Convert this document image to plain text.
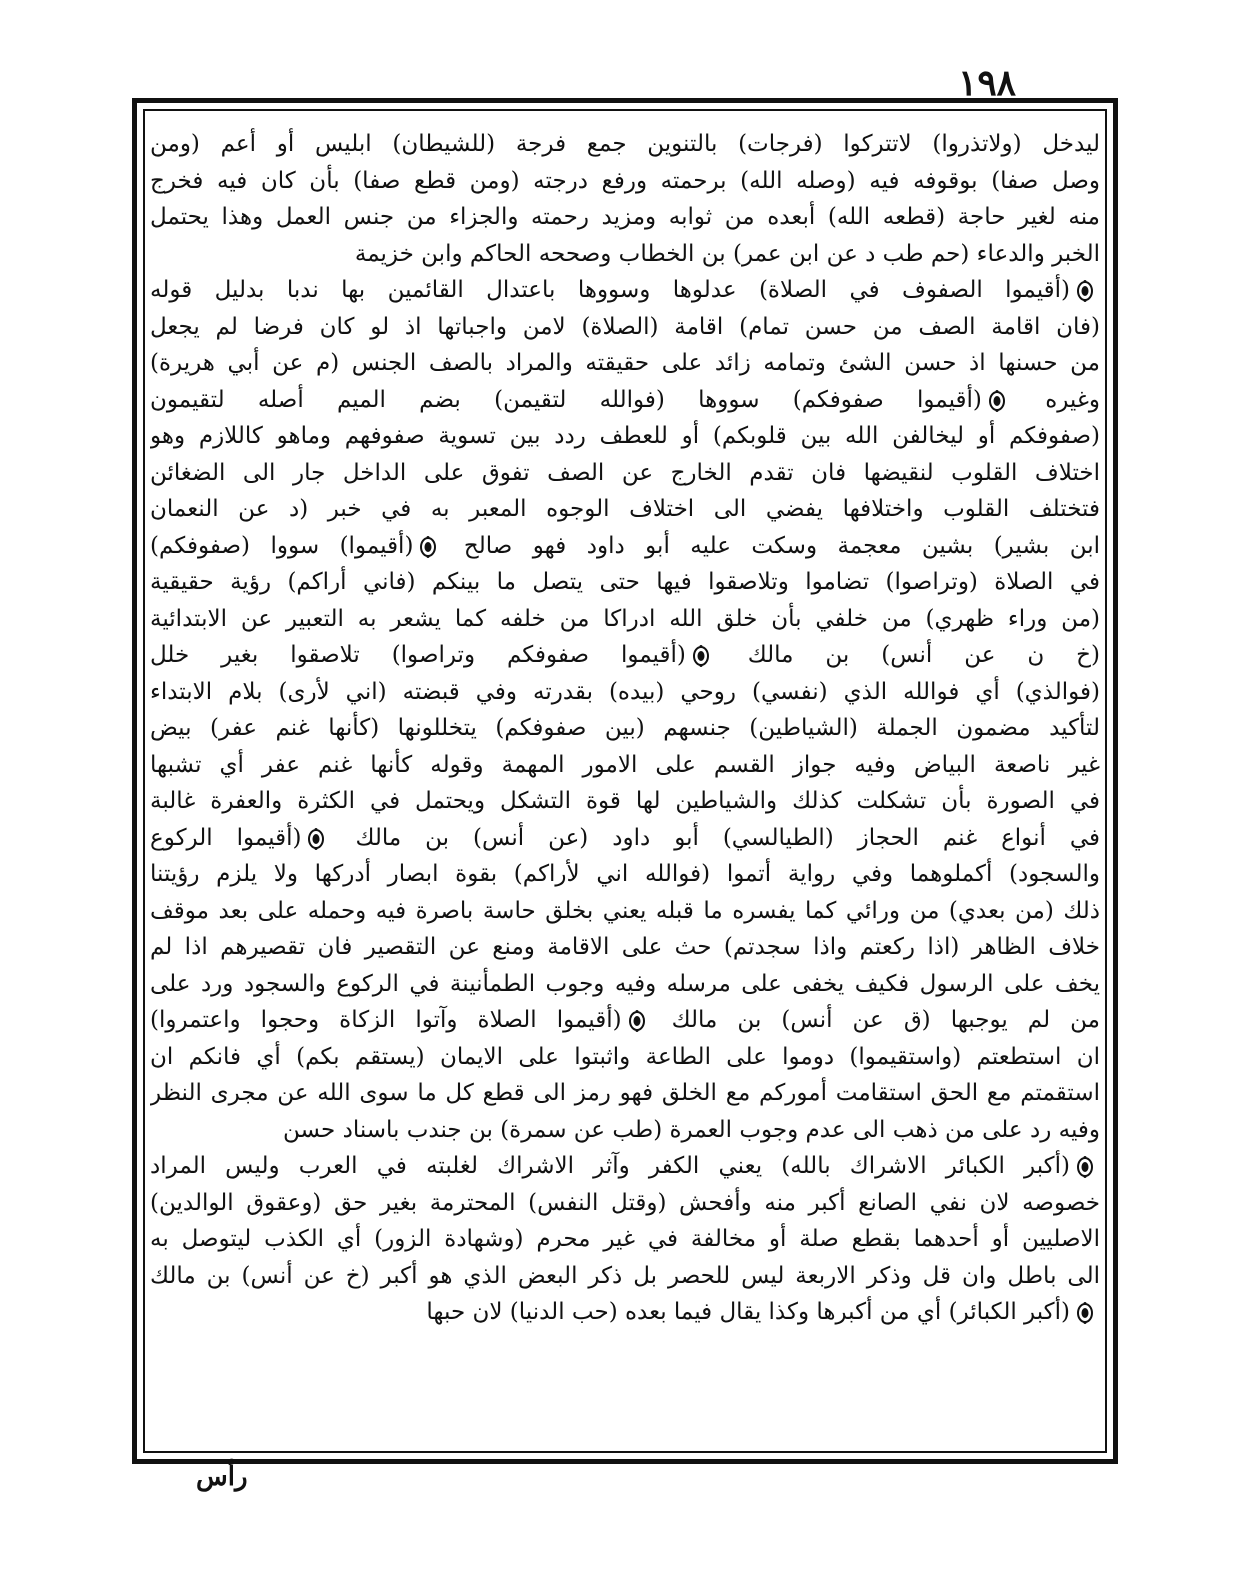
١٩٨
ليدخل (ولاتذروا) لاتتركوا (فرجات) بالتنوين جمع فرجة (للشيطان) ابليس أو أعم (ومن
وصل صفا) بوقوفه فيه (وصله الله) برحمته ورفع درجته (ومن قطع صفا) بأن كان فيه فخرج
منه لغير حاجة (قطعه الله) أبعده من ثوابه ومزيد رحمته والجزاء من جنس العمل وهذا يحتمل
الخبر والدعاء (حم طب د عن ابن عمر) بن الخطاب وصححه الحاكم وابن خزيمة
(أقيموا الصفوف في الصلاة) عدلوها وسووها باعتدال القائمين بها ندبا بدليل قوله
(فان اقامة الصف من حسن تمام) اقامة (الصلاة) لامن واجباتها اذ لو كان فرضا لم يجعل
من حسنها اذ حسن الشئ وتمامه زائد على حقيقته والمراد بالصف الجنس (م عن أبي هريرة)
وغيره
(أقيموا صفوفكم) سووها (فوالله لتقيمن) بضم الميم أصله لتقيمون
(صفوفكم أو ليخالفن الله بين قلوبكم) أو للعطف ردد بين تسوية صفوفهم وماهو كاللازم وهو
اختلاف القلوب لنقيضها فان تقدم الخارج عن الصف تفوق على الداخل جار الى الضغائن
فتختلف القلوب واختلافها يفضي الى اختلاف الوجوه المعبر به في خبر (د عن النعمان
ابن بشير) بشين معجمة وسكت عليه أبو داود فهو صالح
(أقيموا) سووا (صفوفكم)
في الصلاة (وتراصوا) تضاموا وتلاصقوا فيها حتى يتصل ما بينكم (فاني أراكم) رؤية حقيقية
(من وراء ظهري) من خلفي بأن خلق الله ادراكا من خلفه كما يشعر به التعبير عن الابتدائية
(خ ن عن أنس) بن مالك
(أقيموا صفوفكم وتراصوا) تلاصقوا بغير خلل
(فوالذي) أي فوالله الذي (نفسي) روحي (بيده) بقدرته وفي قبضته (اني لأرى) بلام الابتداء
لتأكيد مضمون الجملة (الشياطين) جنسهم (بين صفوفكم) يتخللونها (كأنها غنم عفر) بيض
غير ناصعة البياض وفيه جواز القسم على الامور المهمة وقوله كأنها غنم عفر أي تشبها
في الصورة بأن تشكلت كذلك والشياطين لها قوة التشكل ويحتمل في الكثرة والعفرة غالبة
في أنواع غنم الحجاز (الطيالسي) أبو داود (عن أنس) بن مالك
(أقيموا الركوع
والسجود) أكملوهما وفي رواية أتموا (فوالله اني لأراكم) بقوة ابصار أدركها ولا يلزم رؤيتنا
ذلك (من بعدي) من ورائي كما يفسره ما قبله يعني بخلق حاسة باصرة فيه وحمله على بعد موقف
خلاف الظاهر (اذا ركعتم واذا سجدتم) حث على الاقامة ومنع عن التقصير فان تقصيرهم اذا لم
يخف على الرسول فكيف يخفى على مرسله وفيه وجوب الطمأنينة في الركوع والسجود ورد على
من لم يوجبها (ق عن أنس) بن مالك
(أقيموا الصلاة وآتوا الزكاة وحجوا واعتمروا)
ان استطعتم (واستقيموا) دوموا على الطاعة واثبتوا على الايمان (يستقم بكم) أي فانكم ان
استقمتم مع الحق استقامت أموركم مع الخلق فهو رمز الى قطع كل ما سوى الله عن مجرى النظر
وفيه رد على من ذهب الى عدم وجوب العمرة (طب عن سمرة) بن جندب باسناد حسن
(أكبر الكبائر الاشراك بالله) يعني الكفر وآثر الاشراك لغلبته في العرب وليس المراد
خصوصه لان نفي الصانع أكبر منه وأفحش (وقتل النفس) المحترمة بغير حق (وعقوق الوالدين)
الاصليين أو أحدهما بقطع صلة أو مخالفة في غير محرم (وشهادة الزور) أي الكذب ليتوصل به
الى باطل وان قل وذكر الاربعة ليس للحصر بل ذكر البعض الذي هو أكبر (خ عن أنس) بن مالك
(أكبر الكبائر) أي من أكبرها وكذا يقال فيما بعده (حب الدنيا) لان حبها
رأس
